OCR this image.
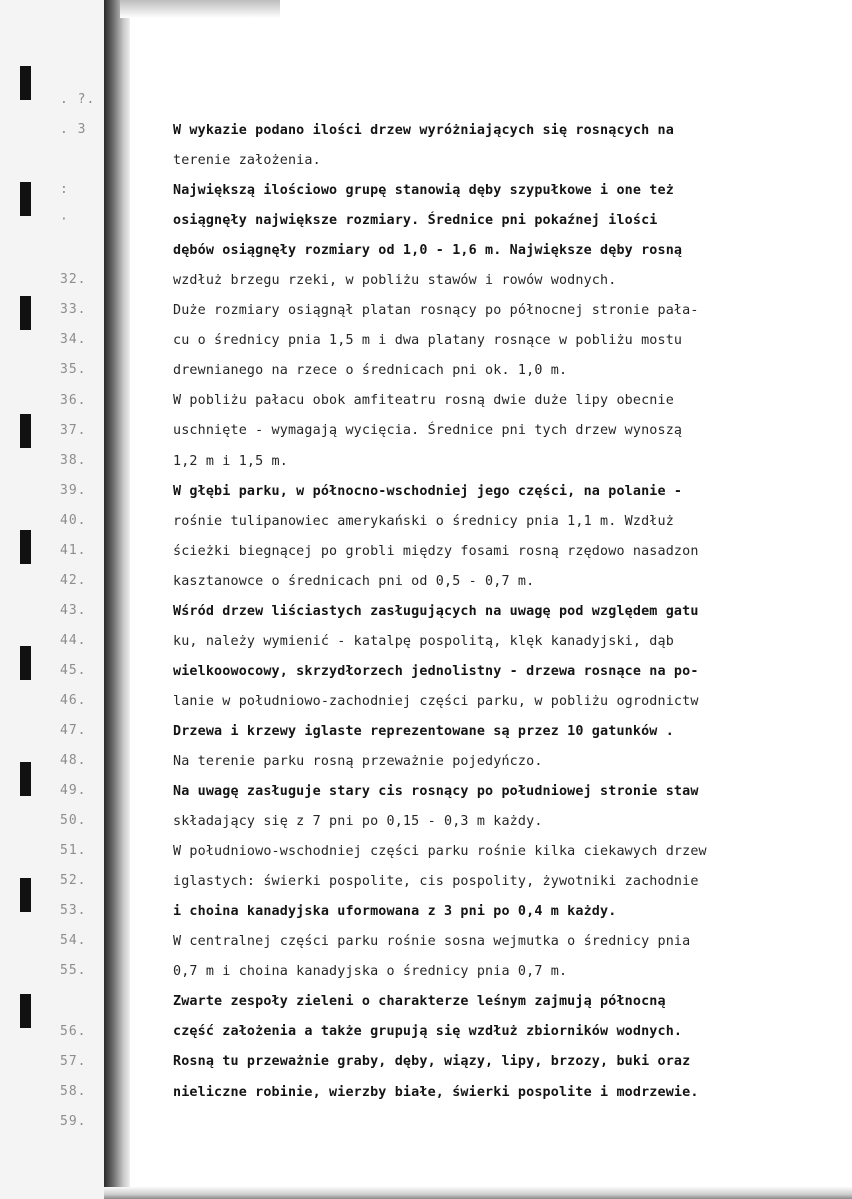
. ?.
. 3
:
·
32.
33.
34.
35.
36.
37.
38.
39.
40.
41.
42.
43.
44.
45.
46.
47.
48.
49.
50.
51.
52.
53.
54.
55.
56.
57.
58.
59.
W wykazie podano ilości drzew wyróżniających się rosnących na
terenie założenia.
Największą ilościowo grupę stanowią dęby szypułkowe i one też
osiągnęły największe rozmiary. Średnice pni pokaźnej ilości
dębów osiągnęły rozmiary od 1,0 - 1,6 m. Największe dęby rosną
wzdłuż brzegu rzeki, w pobliżu stawów i rowów wodnych.
Duże rozmiary osiągnął platan rosnący po północnej stronie pała-
cu o średnicy pnia 1,5 m i dwa platany rosnące w pobliżu mostu
drewnianego na rzece o średnicach pni ok. 1,0 m.
W pobliżu pałacu obok amfiteatru rosną dwie duże lipy obecnie
uschnięte - wymagają wycięcia. Średnice pni tych drzew wynoszą
1,2 m i 1,5 m.
W głębi parku, w północno-wschodniej jego części, na polanie -
rośnie tulipanowiec amerykański o średnicy pnia 1,1 m. Wzdłuż
ścieżki biegnącej po grobli między fosami rosną rzędowo nasadzon
kasztanowce o średnicach pni od 0,5 - 0,7 m.
Wśród drzew liściastych zasługujących na uwagę pod względem gatu
ku, należy wymienić - katalpę pospolitą, klęk kanadyjski, dąb
wielkoowocowy, skrzydłorzech jednolistny - drzewa rosnące na po-
lanie w południowo-zachodniej części parku, w pobliżu ogrodnictw
Drzewa i krzewy iglaste reprezentowane są przez 10 gatunków .
Na terenie parku rosną przeważnie pojedyńczo.
Na uwagę zasługuje stary cis rosnący po południowej stronie staw
składający się z 7 pni po 0,15 - 0,3 m każdy.
W południowo-wschodniej części parku rośnie kilka ciekawych drzew
iglastych: świerki pospolite, cis pospolity, żywotniki zachodnie
i choina kanadyjska uformowana z 3 pni po 0,4 m każdy.
W centralnej części parku rośnie sosna wejmutka o średnicy pnia
0,7 m i choina kanadyjska o średnicy pnia 0,7 m.
Zwarte zespoły zieleni o charakterze leśnym zajmują północną
część założenia a także grupują się wzdłuż zbiorników wodnych.
Rosną tu przeważnie graby, dęby, wiązy, lipy, brzozy, buki oraz
nieliczne robinie, wierzby białe, świerki pospolite i modrzewie.
